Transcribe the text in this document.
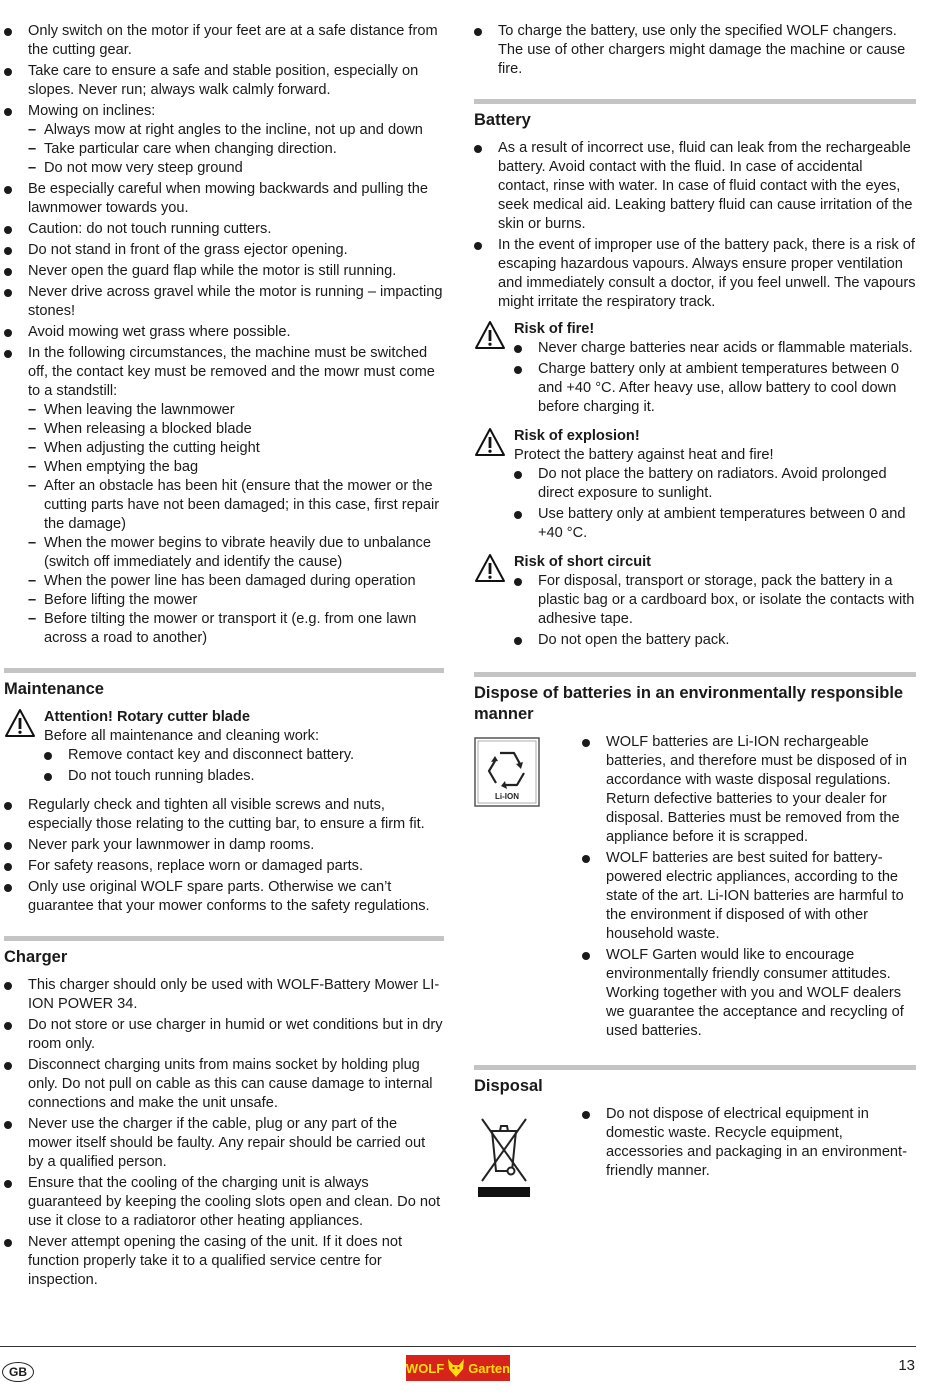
Only switch on the motor if your feet are at a safe distance from the cutting gear.
Take care to ensure a safe and stable position, especially on slopes. Never run; always walk calmly forward.
Mowing on inclines:
– Always mow at right angles to the incline, not up and down
– Take particular care when changing direction.
– Do not mow very steep ground
Be especially careful when mowing backwards and pulling the lawnmower towards you.
Caution: do not touch running cutters.
Do not stand in front of the grass ejector opening.
Never open the guard flap while the motor is still running.
Never drive across gravel while the motor is running – impacting stones!
Avoid mowing wet grass where possible.
In the following circumstances, the machine must be switched off, the contact key must be removed and the mowr must come to a standstill:
– When leaving the lawnmower
– When releasing a blocked blade
– When adjusting the cutting height
– When emptying the bag
– After an obstacle has been hit (ensure that the mower or the cutting parts have not been damaged; in this case, first repair the damage)
– When the mower begins to vibrate heavily due to unbalance (switch off immediately and identify the cause)
– When the power line has been damaged during operation
– Before lifting the mower
– Before tilting the mower or transport it (e.g. from one lawn across a road to another)
Maintenance
Attention! Rotary cutter blade
Before all maintenance and cleaning work:
Remove contact key and disconnect battery.
Do not touch running blades.
Regularly check and tighten all visible screws and nuts, especially those relating to the cutting bar, to ensure a firm fit.
Never park your lawnmower in damp rooms.
For safety reasons, replace worn or damaged parts.
Only use original WOLF spare parts. Otherwise we can’t guarantee that your mower conforms to the safety regulations.
Charger
This charger should only be used with WOLF-Battery Mower LI-ION POWER 34.
Do not store or use charger in humid or wet conditions but in dry room only.
Disconnect charging units from mains socket by holding plug only. Do not pull on cable as this can cause damage to internal connections and make the unit unsafe.
Never use the charger if the cable, plug or any part of the mower itself should be faulty. Any repair should be carried out by a qualified person.
Ensure that the cooling of the charging unit is always guaranteed by keeping the cooling slots open and clean. Do not use it close to a radiatoror other heating appliances.
Never attempt opening the casing of the unit. If it does not function properly take it to a qualified service centre for inspection.
To charge the battery, use only the specified WOLF changers. The use of other chargers might damage the machine or cause fire.
Battery
As a result of incorrect use, fluid can leak from the rechargeable battery. Avoid contact with the fluid. In case of accidental contact, rinse with water. In case of fluid contact with the eyes, seek medical aid. Leaking battery fluid can cause irritation of the skin or burns.
In the event of improper use of the battery pack, there is a risk of escaping hazardous vapours. Always ensure proper ventilation and immediately consult a doctor, if you feel unwell. The vapours might irritate the respiratory track.
Risk of fire!
Never charge batteries near acids or flammable materials.
Charge battery only at ambient temperatures between 0 and +40 °C. After heavy use, allow battery to cool down before charging it.
Risk of explosion!
Protect the battery against heat and fire!
Do not place the battery on radiators. Avoid prolonged direct exposure to sunlight.
Use battery only at ambient temperatures between 0 and +40 °C.
Risk of short circuit
For disposal, transport or storage, pack the battery in a plastic bag or a cardboard box, or isolate the contacts with adhesive tape.
Do not open the battery pack.
Dispose of batteries in an environmentally responsible manner
Li-ION
WOLF batteries are Li-ION rechargeable batteries, and therefore must be disposed of in accordance with waste disposal regulations. Return defective batteries to your dealer for disposal. Batteries must be removed from the appliance before it is scrapped.
WOLF batteries are best suited for battery-powered electric appliances, according to the state of the art. Li-ION batteries are harmful to the environment if disposed of with other household waste.
WOLF Garten would like to encourage environmentally friendly consumer attitudes. Working together with you and WOLF dealers we guarantee the acceptance and recycling of used batteries.
Disposal
Do not dispose of electrical equipment in domestic waste. Recycle equipment, accessories and packaging in an environment-friendly manner.
GB	WOLF Garten	13
